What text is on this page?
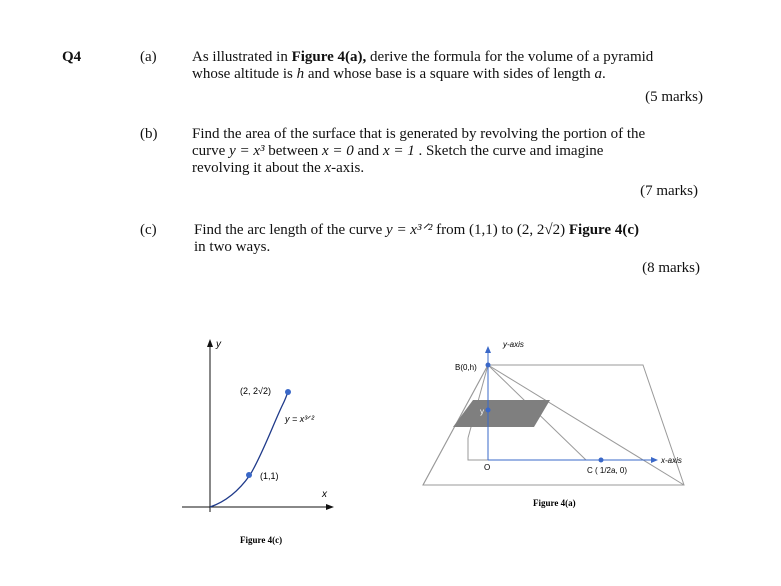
Q4	(a) As illustrated in Figure 4(a), derive the formula for the volume of a pyramid
whose altitude is h and whose base is a square with sides of length a.
(5 marks)
(b) Find the area of the surface that is generated by revolving the portion of the
curve y = x³ between x = 0 and x = 1 . Sketch the curve and imagine
revolving it about the x-axis.
(7 marks)
(c) Find the arc length of the curve y = x³ᐟ² from (1,1) to (2, 2√2) Figure 4(c)
in two ways.
(8 marks)
y
x
(2, 2√2)
(1,1)
y = x³ᐟ²
Figure 4(c)
y-axis
B(0,h)
y
O	C ( 1/2a, 0)
x-axis
Figure 4(a)
